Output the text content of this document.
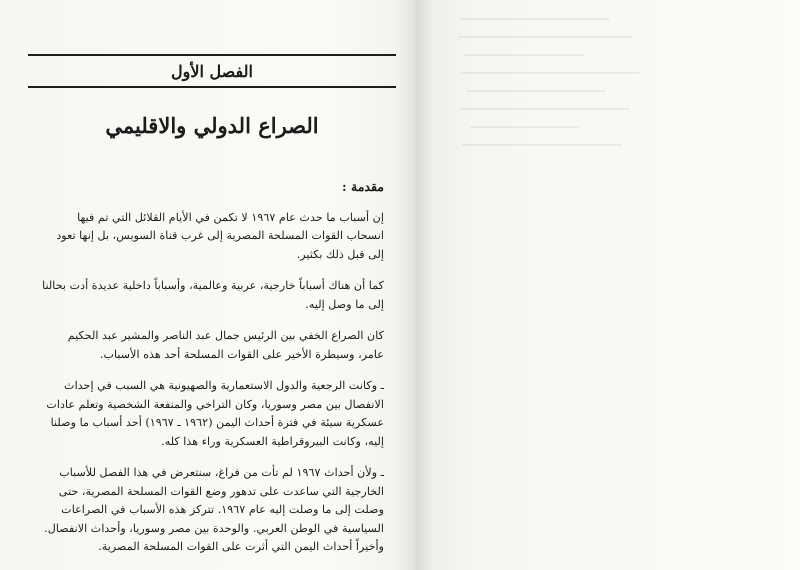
الفصل الأول
الصراع الدولي والاقليمي
مقدمة :

إن أسباب ما حدث عام ١٩٦٧ لا تكمن في الأيام القلائل التي تم فيها انسحاب القوات المسلحة المصرية إلى غرب قناة السويس، بل إنها تعود إلى قبل ذلك بكثير.

كما أن هناك أسباباً خارجية، عربية وعالمية، وأسباباً داخلية عديدة أدت بحالنا إلى ما وصل إليه.

كان الصراع الخفي بين الرئيس جمال عبد الناصر والمشير عبد الحكيم عامر، وسيطرة الأخير على القوات المسلحة أحد هذه الأسباب.

ـ وكانت الرجعية والدول الاستعمارية والصهيونية هي السبب في إحداث الانفصال بين مصر وسوريا، وكان التراخي والمنفعة الشخصية وتعلم عادات عسكرية سيئة في فترة أحداث اليمن (١٩٦٢ ـ ١٩٦٧) أحد أسباب ما وصلنا إليه، وكانت البيروقراطية العسكرية وراء هذا كله.

ـ ولأن أحداث ١٩٦٧ لم تأت من فراغ، سنتعرض في هذا الفصل للأسباب الخارجية التي ساعدت على تدهور وضع القوات المسلحة المصرية، حتى وصلت إلى ما وصلت إليه عام ١٩٦٧. تتركز هذه الأسباب في الصراعات السياسية في الوطن العربي. والوحدة بين مصر وسوريا، وأحداث الانفصال. وأخيراً أحداث اليمن التي أثرت على القوات المسلحة المصرية.
